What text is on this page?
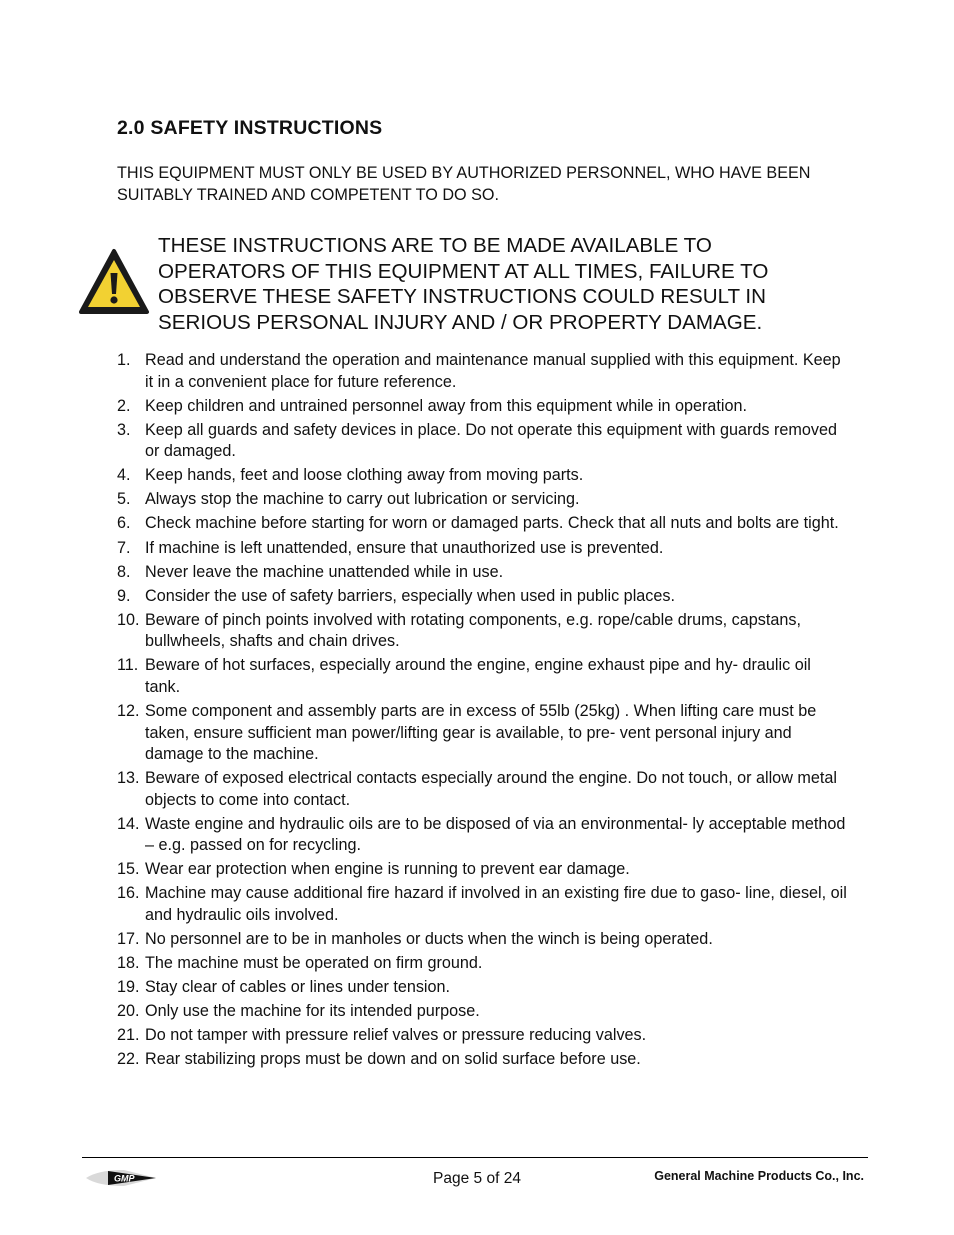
2.0 SAFETY INSTRUCTIONS
THIS EQUIPMENT MUST ONLY BE USED BY AUTHORIZED PERSONNEL, WHO HAVE BEEN SUITABLY TRAINED AND COMPETENT TO DO SO.
THESE INSTRUCTIONS ARE TO BE MADE AVAILABLE TO
OPERATORS OF THIS EQUIPMENT AT ALL TIMES, FAILURE TO
OBSERVE THESE SAFETY INSTRUCTIONS COULD RESULT IN
SERIOUS PERSONAL INJURY AND / OR PROPERTY DAMAGE.
1. Read and understand the operation and maintenance manual supplied with this equipment. Keep it in a convenient place for future reference.
2. Keep children and untrained personnel away from this equipment while in operation.
3. Keep all guards and safety devices in place. Do not operate this equipment with guards removed or damaged.
4. Keep hands, feet and loose clothing away from moving parts.
5. Always stop the machine to carry out lubrication or servicing.
6. Check machine before starting for worn or damaged parts. Check that all nuts and bolts are tight.
7. If machine is left unattended, ensure that unauthorized use is prevented.
8. Never leave the machine unattended while in use.
9. Consider the use of safety barriers, especially when used in public places.
10. Beware of pinch points involved with rotating components, e.g. rope/cable drums, capstans, bullwheels, shafts and chain drives.
11. Beware of hot surfaces, especially around the engine, engine exhaust pipe and hy- draulic oil tank.
12. Some component and assembly parts are in excess of 55lb (25kg) . When lifting care must be taken, ensure sufficient man power/lifting gear is available, to pre- vent personal injury and damage to the machine.
13. Beware of exposed electrical contacts especially around the engine. Do not touch, or allow metal objects to come into contact.
14. Waste engine and hydraulic oils are to be disposed of via an environmental- ly acceptable method – e.g. passed on for recycling.
15. Wear ear protection when engine is running to prevent ear damage.
16. Machine may cause additional fire hazard if involved in an existing fire due to gaso- line, diesel, oil and hydraulic oils involved.
17. No personnel are to be in manholes or ducts when the winch is being operated.
18. The machine must be operated on firm ground.
19. Stay clear of cables or lines under tension.
20. Only use the machine for its intended purpose.
21. Do not tamper with pressure relief valves or pressure reducing valves.
22. Rear stabilizing props must be down and on solid surface before use.
GMP	Page 5 of 24	General Machine Products Co., Inc.
